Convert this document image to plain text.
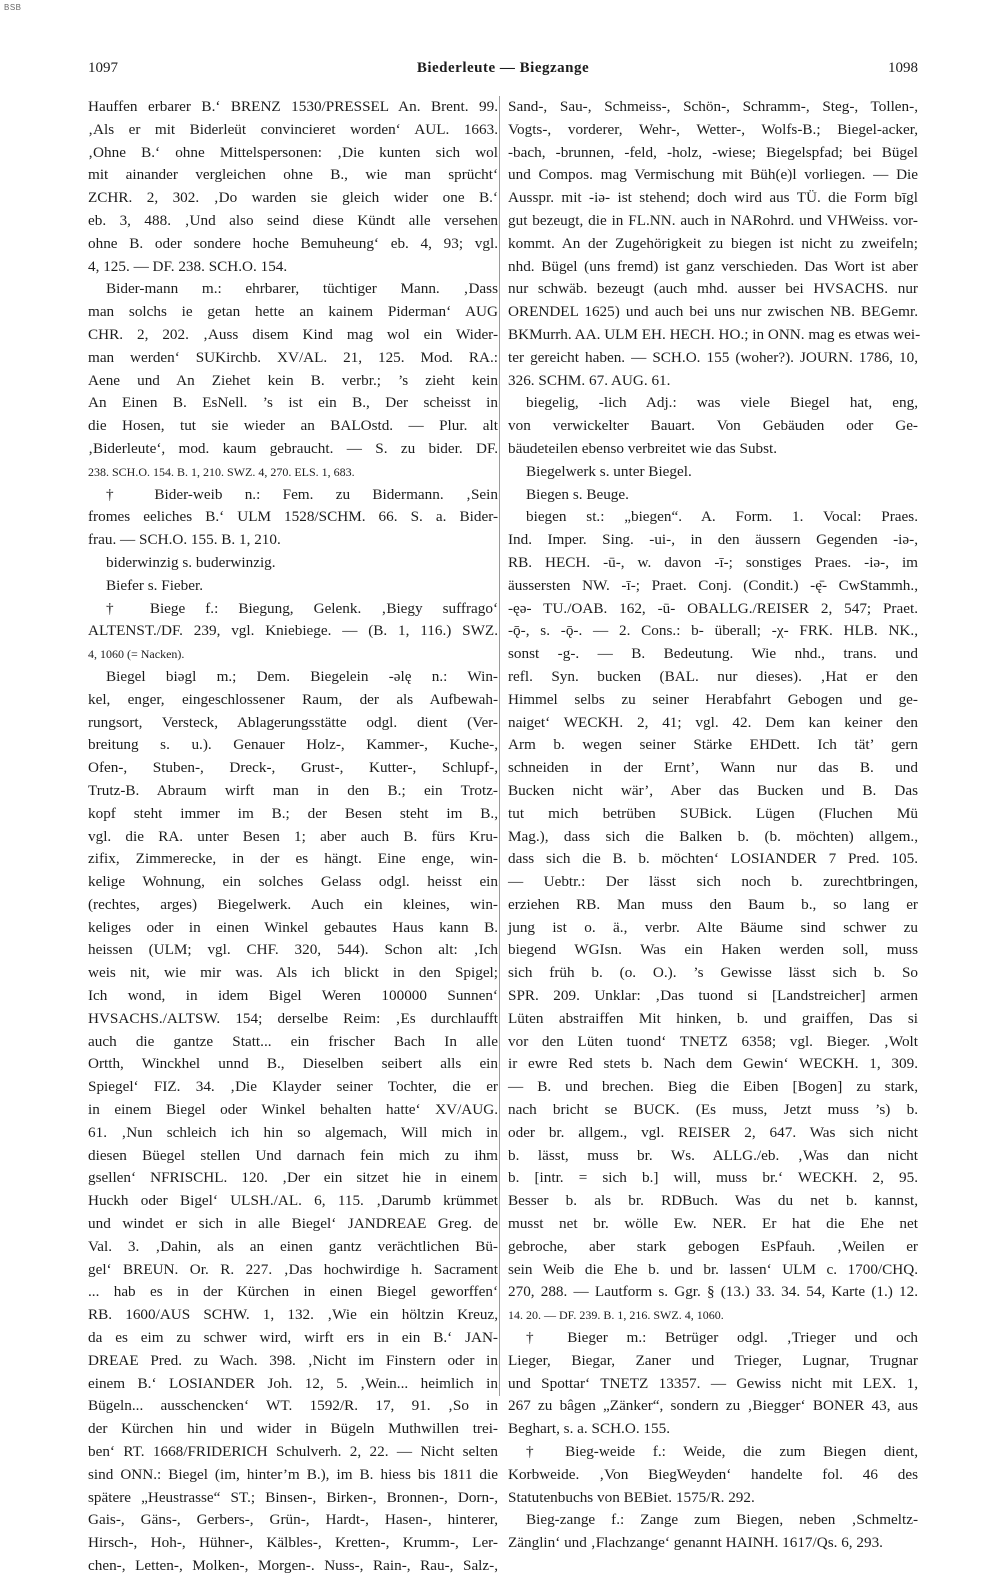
BSB
1097	Biederleute — Biegzange	1098
Hauffen erbarer B.‘ BRENZ 1530/PRESSEL An. Brent. 99.
‚Als er mit Biderleüt convincieret worden‘ AUL. 1663.
‚Ohne B.‘ ohne Mittelspersonen: ‚Die kunten sich wol
mit ainander vergleichen ohne B., wie man sprücht‘
ZCHR. 2, 302. ‚Do warden sie gleich wider one B.‘
eb. 3, 488. ‚Und also seind diese Kündt alle versehen
ohne B. oder sondere hoche Bemuheung‘ eb. 4, 93; vgl.
4, 125. — DF. 238. SCH.O. 154.
Bider-mann m.: ehrbarer, tüchtiger Mann. ‚Dass
man solchs ie getan hette an kainem Piderman‘ AUG
CHR. 2, 202. ‚Auss disem Kind mag wol ein Wider-
man werden‘ SUKirchb. XV/AL. 21, 125. Mod. RA.:
Aene und An Ziehet kein B. verbr.; ’s zieht kein
An Einen B. EsNell. ’s ist ein B., Der scheisst in
die Hosen, tut sie wieder an BALOstd. — Plur. alt
‚Biderleute‘, mod. kaum gebraucht. — S. zu bider. DF.
238. SCH.O. 154. B. 1, 210. SWZ. 4, 270. ELS. 1, 683.
† Bider-weib n.: Fem. zu Bidermann. ‚Sein
fromes eeliches B.‘ ULM 1528/SCHM. 66. S. a. Bider-
frau. — SCH.O. 155. B. 1, 210.
biderwinzig s. buderwinzig.
Biefer s. Fieber.
† Biege f.: Biegung, Gelenk. ‚Biegy suffrago‘
ALTENST./DF. 239, vgl. Kniebiege. — (B. 1, 116.) SWZ.
4, 1060 (= Nacken).
Biegel biəgl m.; Dem. Biegelein -əlę n.: Win-
kel, enger, eingeschlossener Raum, der als Aufbewah-
rungsort, Versteck, Ablagerungsstätte odgl. dient (Ver-
breitung s. u.). Genauer Holz-, Kammer-, Kuche-,
Ofen-, Stuben-, Dreck-, Grust-, Kutter-, Schlupf-,
Trutz-B. Abraum wirft man in den B.; ein Trotz-
kopf steht immer im B.; der Besen steht im B.,
vgl. die RA. unter Besen 1; aber auch B. fürs Kru-
zifix, Zimmerecke, in der es hängt. Eine enge, win-
kelige Wohnung, ein solches Gelass odgl. heisst ein
(rechtes, arges) Biegelwerk. Auch ein kleines, win-
keliges oder in einen Winkel gebautes Haus kann B.
heissen (ULM; vgl. CHF. 320, 544). Schon alt: ‚Ich
weis nit, wie mir was. Als ich blickt in den Spigel;
Ich wond, in idem Bigel Weren 100000 Sunnen‘
HVSACHS./ALTSW. 154; derselbe Reim: ‚Es durchlaufft
auch die gantze Statt... ein frischer Bach In alle
Ortth, Winckhel unnd B., Dieselben seibert alls ein
Spiegel‘ FIZ. 34. ‚Die Klayder seiner Tochter, die er
in einem Biegel oder Winkel behalten hatte‘ XV/AUG.
61. ‚Nun schleich ich hin so algemach, Will mich in
diesen Büegel stellen Und darnach fein mich zu ihm
gsellen‘ NFRISCHL. 120. ‚Der ein sitzet hie in einem
Huckh oder Bigel‘ ULSH./AL. 6, 115. ‚Darumb krümmet
und windet er sich in alle Biegel‘ JANDREAE Greg. de
Val. 3. ‚Dahin, als an einen gantz verächtlichen Bü-
gel‘ BREUN. Or. R. 227. ‚Das hochwirdige h. Sacrament
... hab es in der Kürchen in einen Biegel geworffen‘
RB. 1600/AUS SCHW. 1, 132. ‚Wie ein höltzin Kreuz,
da es eim zu schwer wird, wirft ers in ein B.‘ JAN-
DREAE Pred. zu Wach. 398. ‚Nicht im Finstern oder in
einem B.‘ LOSIANDER Joh. 12, 5. ‚Wein... heimlich in
Bügeln... ausschencken‘ WT. 1592/R. 17, 91. ‚So in
der Kürchen hin und wider in Bügeln Muthwillen trei-
ben‘ RT. 1668/FRIDERICH Schulverh. 2, 22. — Nicht selten
sind ONN.: Biegel (im, hinter’m B.), im B. hiess bis 1811 die
spätere „Heustrasse“ ST.; Binsen-, Birken-, Bronnen-, Dorn-,
Gais-, Gäns-, Gerbers-, Grün-, Hardt-, Hasen-, hinterer,
Hirsch-, Hoh-, Hühner-, Kälbles-, Kretten-, Krumm-, Ler-
chen-, Letten-, Molken-, Morgen-. Nuss-, Rain-, Rau-, Salz-,
Sand-, Sau-, Schmeiss-, Schön-, Schramm-, Steg-, Tollen-,
Vogts-, vorderer, Wehr-, Wetter-, Wolfs-B.; Biegel-acker,
-bach, -brunnen, -feld, -holz, -wiese; Biegelspfad; bei Bügel
und Compos. mag Vermischung mit Büh(e)l vorliegen. — Die
Ausspr. mit -iə- ist stehend; doch wird aus TÜ. die Form bīgl
gut bezeugt, die in FL.NN. auch in NARohrd. und VHWeiss. vor-
kommt. An der Zugehörigkeit zu biegen ist nicht zu zweifeln;
nhd. Bügel (uns fremd) ist ganz verschieden. Das Wort ist aber
nur schwäb. bezeugt (auch mhd. ausser bei HVSACHS. nur
ORENDEL 1625) und auch bei uns nur zwischen NB. BEGemr.
BKMurrh. AA. ULM EH. HECH. HO.; in ONN. mag es etwas wei-
ter gereicht haben. — SCH.O. 155 (woher?). JOURN. 1786, 10,
326. SCHM. 67. AUG. 61.
biegelig, -lich Adj.: was viele Biegel hat, eng,
von verwickelter Bauart. Von Gebäuden oder Ge-
bäudeteilen ebenso verbreitet wie das Subst.
Biegelwerk s. unter Biegel.
Biegen s. Beuge.
biegen st.: „biegen“. A. Form. 1. Vocal: Praes.
Ind. Imper. Sing. -ui-, in den äussern Gegenden -iə-,
RB. HECH. -ū-, w. davon -ī-; sonstiges Praes. -iə-, im
äussersten NW. -ī-; Praet. Conj. (Condit.) -ę̄- CwStammh.,
-ęə- TU./OAB. 162, -ū- OBALLG./REISER 2, 547; Praet.
-ǭ-, s. -ǭ-. — 2. Cons.: b- überall; -χ- FRK. HLB. NK.,
sonst -g-. — B. Bedeutung. Wie nhd., trans. und
refl. Syn. bucken (BAL. nur dieses). ‚Hat er den
Himmel selbs zu seiner Herabfahrt Gebogen und ge-
naiget‘ WECKH. 2, 41; vgl. 42. Dem kan keiner den
Arm b. wegen seiner Stärke EHDett. Ich tät’ gern
schneiden in der Ernt’, Wann nur das B. und
Bucken nicht wär’, Aber das Bucken und B. Das
tut mich betrüben SUBick. Lügen (Fluchen Mü
Mag.), dass sich die Balken b. (b. möchten) allgem.,
dass sich die B. b. möchten‘ LOSIANDER 7 Pred. 105.
— Uebtr.: Der lässt sich noch b. zurechtbringen,
erziehen RB. Man muss den Baum b., so lang er
jung ist o. ä., verbr. Alte Bäume sind schwer zu
biegend WGIsn. Was ein Haken werden soll, muss
sich früh b. (o. O.). ’s Gewisse lässt sich b. So
SPR. 209. Unklar: ‚Das tuond si [Landstreicher] armen
Lüten abstraiffen Mit hinken, b. und graiffen, Das si
vor den Lüten tuond‘ TNETZ 6358; vgl. Bieger. ‚Wolt
ir ewre Red stets b. Nach dem Gewin‘ WECKH. 1, 309.
— B. und brechen. Bieg die Eiben [Bogen] zu stark,
nach bricht se BUCK. (Es muss, Jetzt muss ’s) b.
oder br. allgem., vgl. REISER 2, 647. Was sich nicht
b. lässt, muss br. Ws. ALLG./eb. ‚Was dan nicht
b. [intr. = sich b.] will, muss br.‘ WECKH. 2, 95.
Besser b. als br. RDBuch. Was du net b. kannst,
musst net br. wölle Ew. NER. Er hat die Ehe net
gebroche, aber stark gebogen EsPfauh. ‚Weilen er
sein Weib die Ehe b. und br. lassen‘ ULM c. 1700/CHQ.
270, 288. — Lautform s. Ggr. § (13.) 33. 34. 54, Karte (1.) 12.
14. 20. — DF. 239. B. 1, 216. SWZ. 4, 1060.
† Bieger m.: Betrüger odgl. ‚Trieger und och
Lieger, Biegar, Zaner und Trieger, Lugnar, Trugnar
und Spottar‘ TNETZ 13357. — Gewiss nicht mit LEX. 1,
267 zu bâgen „Zänker“, sondern zu ‚Biegger‘ BONER 43, aus
Beghart, s. a. SCH.O. 155.
† Bieg-weide f.: Weide, die zum Biegen dient,
Korbweide. ‚Von BiegWeyden‘ handelte fol. 46 des
Statutenbuchs von BEBiet. 1575/R. 292.
Bieg-zange f.: Zange zum Biegen, neben ‚Schmeltz-
Zänglin‘ und ‚Flachzange‘ genannt HAINH. 1617/Qs. 6, 293.
